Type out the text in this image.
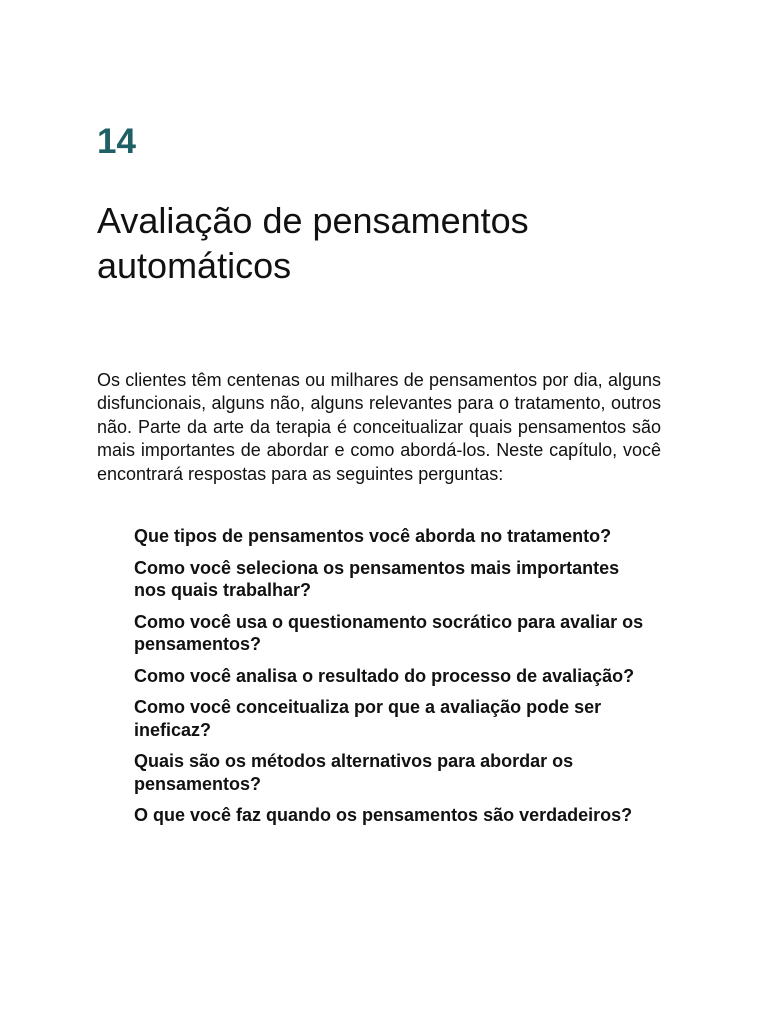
14
Avaliação de pensamentos automáticos

Os clientes têm centenas ou milhares de pensamentos por dia, alguns disfuncionais, alguns não, alguns relevantes para o tratamento, outros não. Parte da arte da terapia é conceitualizar quais pensamentos são mais importantes de abordar e como abordá-los. Neste capítulo, você encontrará respostas para as seguintes perguntas:

Que tipos de pensamentos você aborda no tratamento?
Como você seleciona os pensamentos mais importantes nos quais trabalhar?
Como você usa o questionamento socrático para avaliar os pensamentos?
Como você analisa o resultado do processo de avaliação?
Como você conceitualiza por que a avaliação pode ser ineficaz?
Quais são os métodos alternativos para abordar os pensamentos?
O que você faz quando os pensamentos são verdadeiros?
